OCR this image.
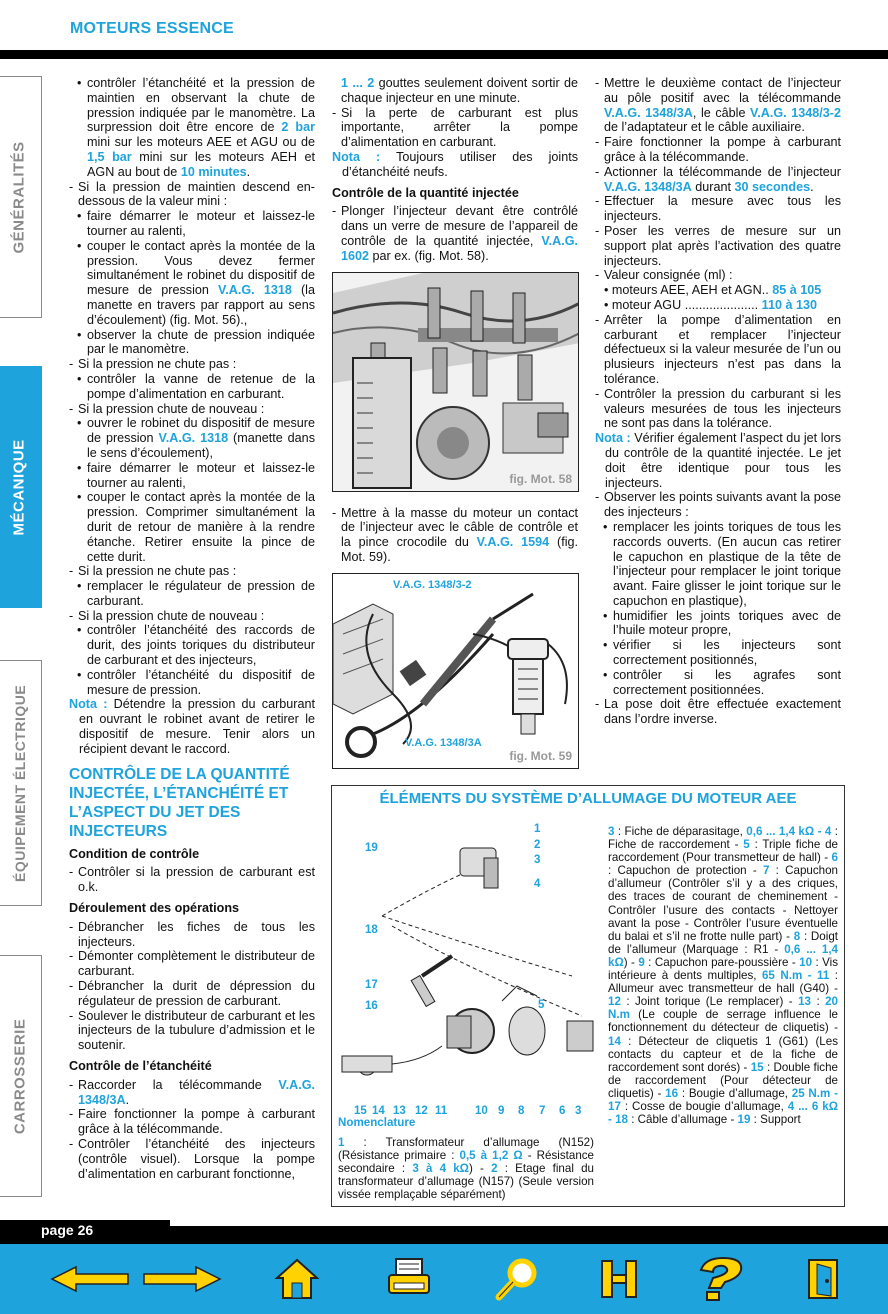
MOTEURS ESSENCE
GÉNÉRALITÉS
MÉCANIQUE
ÉQUIPEMENT ÉLECTRIQUE
CARROSSERIE
• contrôler l’étanchéité et la pression de maintien en observant la chute de pression indiquée par le manomètre. La surpression doit être encore de 2 bar mini sur les moteurs AEE et AGU ou de 1,5 bar mini sur les moteurs AEH et AGN au bout de 10 minutes.
- Si la pression de maintien descend en-dessous de la valeur mini :
• faire démarrer le moteur et laissez-le tourner au ralenti,
• couper le contact après la montée de la pression. Vous devez fermer simultanément le robinet du dispositif de mesure de pression V.A.G. 1318 (la manette en travers par rapport au sens d’écoulement) (fig. Mot. 56).,
• observer la chute de pression indiquée par le manomètre.
- Si la pression ne chute pas :
• contrôler la vanne de retenue de la pompe d’alimentation en carburant.
- Si la pression chute de nouveau :
• ouvrer le robinet du dispositif de mesure de pression V.A.G. 1318 (manette dans le sens d’écoulement),
• faire démarrer le moteur et laissez-le tourner au ralenti,
• couper le contact après la montée de la pression. Comprimer simultanément la durit de retour de manière à la rendre étanche. Retirer ensuite la pince de cette durit.
- Si la pression ne chute pas :
• remplacer le régulateur de pression de carburant.
- Si la pression chute de nouveau :
• contrôler l’étanchéité des raccords de durit, des joints toriques du distributeur de carburant et des injecteurs,
• contrôler l’étanchéité du dispositif de mesure de pression.
Nota : Détendre la pression du carburant en ouvrant le robinet avant de retirer le dispositif de mesure. Tenir alors un récipient devant le raccord.
CONTRÔLE DE LA QUANTITÉ INJECTÉE, L’ÉTANCHÉITÉ ET L’ASPECT DU JET DES INJECTEURS
Condition de contrôle
- Contrôler si la pression de carburant est o.k.
Déroulement des opérations
- Débrancher les fiches de tous les injecteurs.
- Démonter complètement le distributeur de carburant.
- Débrancher la durit de dépression du régulateur de pression de carburant.
- Soulever le distributeur de carburant et les injecteurs de la tubulure d’admission et le soutenir.
Contrôle de l’étanchéité
- Raccorder la télécommande V.A.G. 1348/3A.
- Faire fonctionner la pompe à carburant grâce à la télécommande.
- Contrôler l’étanchéité des injecteurs (contrôle visuel). Lorsque la pompe d’alimentation en carburant fonctionne,
1 ... 2 gouttes seulement doivent sortir de chaque injecteur en une minute.
- Si la perte de carburant est plus importante, arrêter la pompe d’alimentation en carburant.
Nota : Toujours utiliser des joints d’étanchéité neufs.
Contrôle de la quantité injectée
- Plonger l’injecteur devant être contrôlé dans un verre de mesure de l’appareil de contrôle de la quantité injectée, V.A.G. 1602 par ex. (fig. Mot. 58).
fig. Mot. 58
- Mettre à la masse du moteur un contact de l’injecteur avec le câble de contrôle et la pince crocodile du V.A.G. 1594 (fig. Mot. 59).
V.A.G. 1348/3-2
V.A.G. 1348/3A
fig. Mot. 59
- Mettre le deuxième contact de l’injecteur au pôle positif avec la télécommande V.A.G. 1348/3A, le câble V.A.G. 1348/3-2 de l’adaptateur et le câble auxiliaire.
- Faire fonctionner la pompe à carburant grâce à la télécommande.
- Actionner la télécommande de l’injecteur V.A.G. 1348/3A durant 30 secondes.
- Effectuer la mesure avec tous les injecteurs.
- Poser les verres de mesure sur un support plat après l’activation des quatre injecteurs.
- Valeur consignée (ml) :
• moteurs AEE, AEH et AGN.. 85 à 105
• moteur AGU ..................... 110 à 130
- Arrêter la pompe d’alimentation en carburant et remplacer l’injecteur défectueux si la valeur mesurée de l’un ou plusieurs injecteurs n’est pas dans la tolérance.
- Contrôler la pression du carburant si les valeurs mesurées de tous les injecteurs ne sont pas dans la tolérance.
Nota : Vérifier également l’aspect du jet lors du contrôle de la quantité injectée. Le jet doit être identique pour tous les injecteurs.
- Observer les points suivants avant la pose des injecteurs :
• remplacer les joints toriques de tous les raccords ouverts. (En aucun cas retirer le capuchon en plastique de la tête de l’injecteur pour remplacer le joint torique avant. Faire glisser le joint torique sur le capuchon en plastique),
• humidifier les joints toriques avec de l’huile moteur propre,
• vérifier si les injecteurs sont correctement positionnés,
• contrôler si les agrafes sont correctement positionnées.
- La pose doit être effectuée exactement dans l’ordre inverse.
ÉLÉMENTS DU SYSTÈME D’ALLUMAGE DU MOTEUR AEE
1
2
3
4
19
18
17
16	5
15 14 13 12 11 10 9 8 7 6 3
Nomenclature
1 : Transformateur d’allumage (N152) (Résistance primaire : 0,5 à 1,2 Ω - Résistance secondaire : 3 à 4 kΩ) - 2 : Etage final du transformateur d’allumage (N157) (Seule version vissée remplaçable séparément)
3 : Fiche de déparasitage, 0,6 ... 1,4 kΩ - 4 : Fiche de raccordement - 5 : Triple fiche de raccordement (Pour transmetteur de hall) - 6 : Capuchon de protection - 7 : Capuchon d’allumeur (Contrôler s’il y a des criques, des traces de courant de cheminement - Contrôler l’usure des contacts - Nettoyer avant la pose - Contrôler l’usure éventuelle du balai et s’il ne frotte nulle part) - 8 : Doigt de l’allumeur (Marquage : R1 - 0,6 ... 1,4 kΩ) - 9 : Capuchon pare-poussière - 10 : Vis intérieure à dents multiples, 65 N.m - 11 : Allumeur avec transmetteur de hall (G40) - 12 : Joint torique (Le remplacer) - 13 : 20 N.m (Le couple de serrage influence le fonctionnement du détecteur de cliquetis) - 14 : Détecteur de cliquetis 1 (G61) (Les contacts du capteur et de la fiche de raccordement sont dorés) - 15 : Double fiche de raccordement (Pour détecteur de cliquetis) - 16 : Bougie d’allumage, 25 N.m - 17 : Cosse de bougie d’allumage, 4 ... 6 kΩ - 18 : Câble d’allumage - 19 : Support
page 26
